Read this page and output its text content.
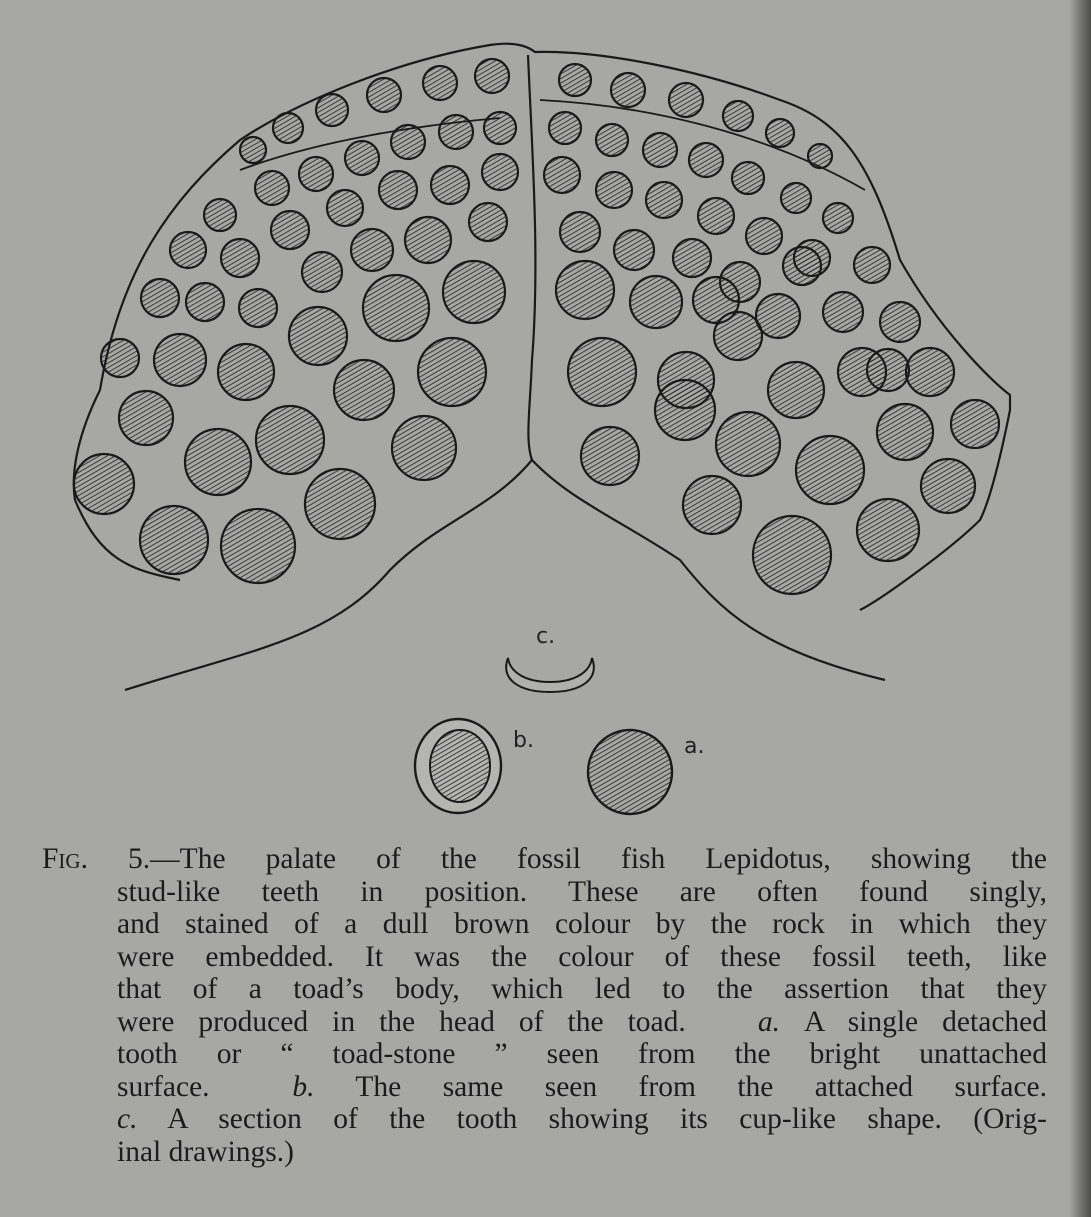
c.
b.	a.
Fig. 5.—The palate of the fossil fish Lepidotus, showing the
stud-like teeth in position. These are often found singly,
and stained of a dull brown colour by the rock in which they
were embedded. It was the colour of these fossil teeth, like
that of a toad’s body, which led to the assertion that they
were produced in the head of the toad. a. A single detached
tooth or “ toad-stone ” seen from the bright unattached
surface.	b. The same seen from the attached surface.
c. A section of the tooth showing its cup-like shape. (Orig-
inal drawings.)
